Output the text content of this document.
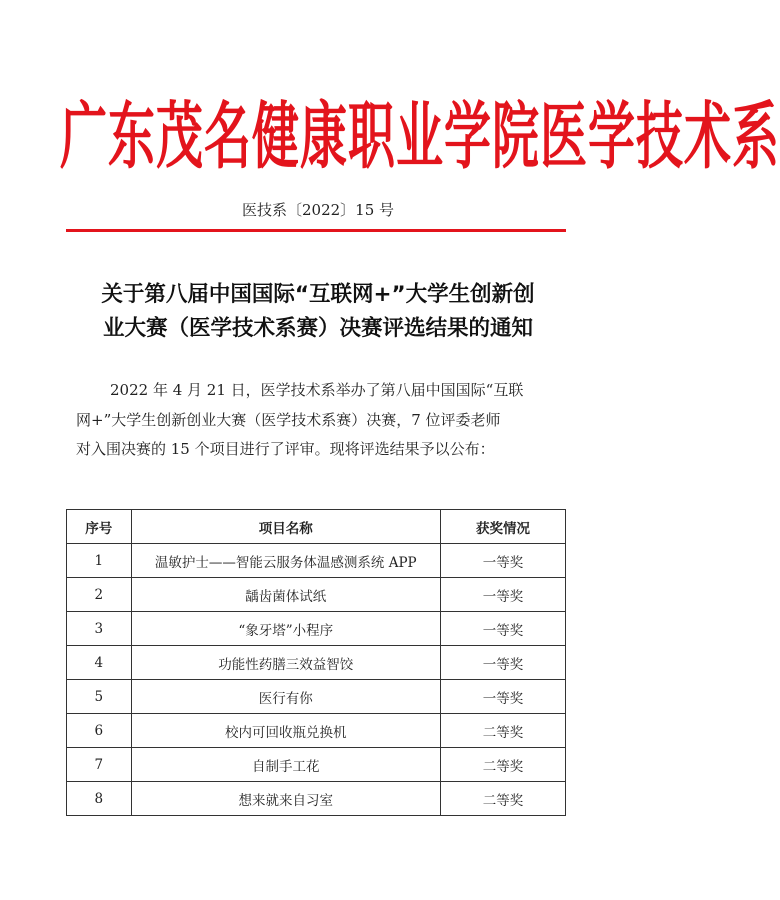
广东茂名健康职业学院医学技术系
医技系〔2022〕15 号
关于第八届中国国际“互联网+”大学生创新创
业大赛（医学技术系赛）决赛评选结果的通知
2022 年 4 月 21 日，医学技术系举办了第八届中国国际“互联
网+”大学生创新创业大赛（医学技术系赛）决赛，7 位评委老师
对入围决赛的 15 个项目进行了评审。现将评选结果予以公布：
序号	项目名称	获奖情况
1	温敏护士——智能云服务体温感测系统 APP	一等奖
2	龋齿菌体试纸	一等奖
3	“象牙塔”小程序	一等奖
4	功能性药膳三效益智饺	一等奖
5	医行有你	一等奖
6	校内可回收瓶兑换机	二等奖
7	自制手工花	二等奖
8	想来就来自习室	二等奖
